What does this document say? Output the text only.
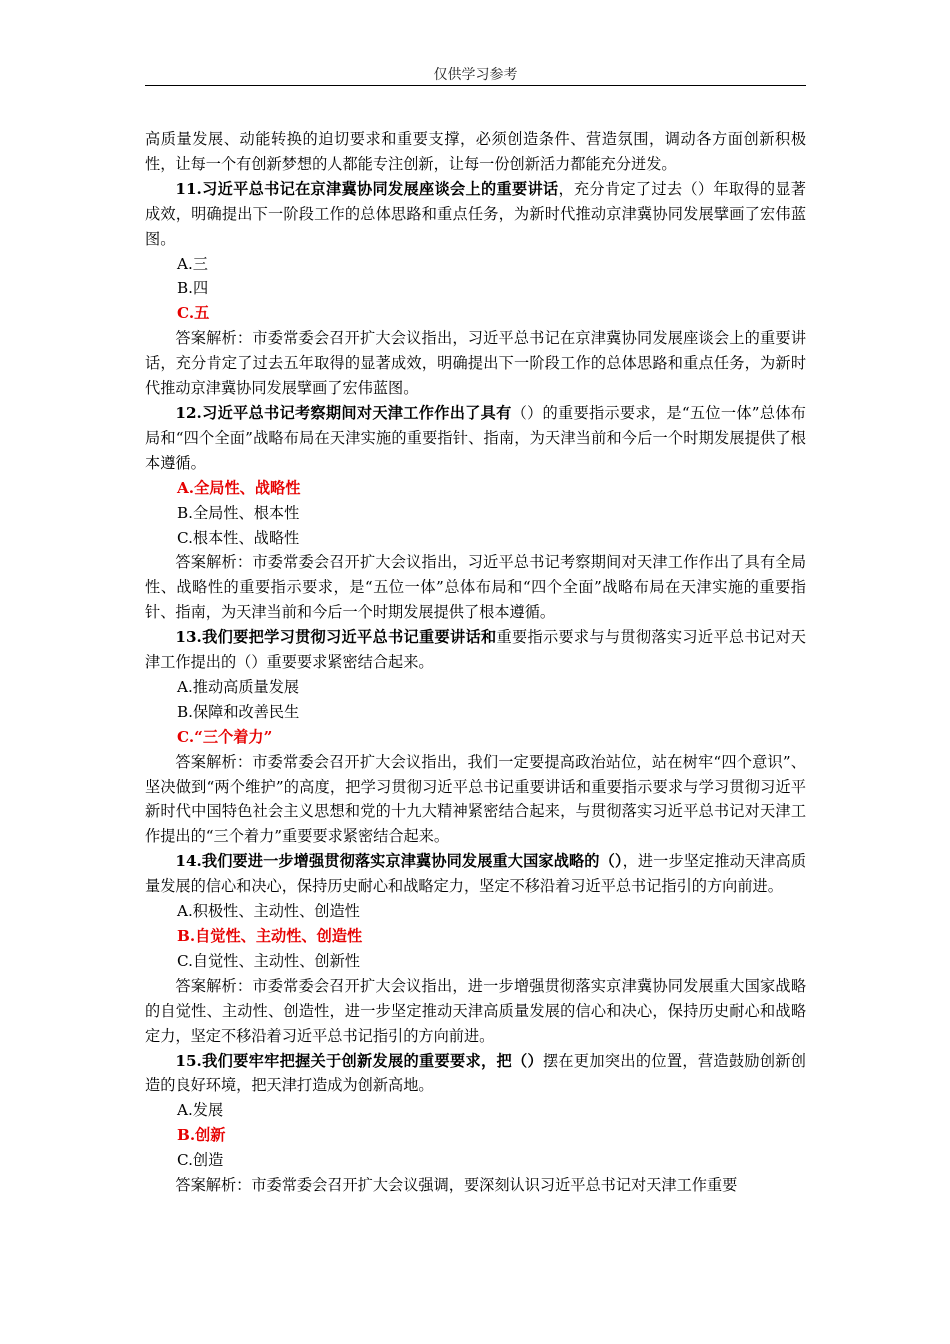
仅供学习参考

高质量发展、动能转换的迫切要求和重要支撑，必须创造条件、营造氛围，调动各方面创新积极性，让每一个有创新梦想的人都能专注创新，让每一份创新活力都能充分迸发。

11.习近平总书记在京津冀协同发展座谈会上的重要讲话，充分肯定了过去（）年取得的显著成效，明确提出下一阶段工作的总体思路和重点任务，为新时代推动京津冀协同发展擘画了宏伟蓝图。

A.三

B.四

C.五

答案解析：市委常委会召开扩大会议指出，习近平总书记在京津冀协同发展座谈会上的重要讲话，充分肯定了过去五年取得的显著成效，明确提出下一阶段工作的总体思路和重点任务，为新时代推动京津冀协同发展擘画了宏伟蓝图。

12.习近平总书记考察期间对天津工作作出了具有（）的重要指示要求，是“五位一体”总体布局和“四个全面”战略布局在天津实施的重要指针、指南，为天津当前和今后一个时期发展提供了根本遵循。

A.全局性、战略性

B.全局性、根本性

C.根本性、战略性

答案解析：市委常委会召开扩大会议指出，习近平总书记考察期间对天津工作作出了具有全局性、战略性的重要指示要求，是“五位一体”总体布局和“四个全面”战略布局在天津实施的重要指针、指南，为天津当前和今后一个时期发展提供了根本遵循。

13.我们要把学习贯彻习近平总书记重要讲话和重要指示要求与与贯彻落实习近平总书记对天津工作提出的（）重要要求紧密结合起来。

A.推动高质量发展

B.保障和改善民生

C.“三个着力”

答案解析：市委常委会召开扩大会议指出，我们一定要提高政治站位，站在树牢“四个意识”、坚决做到“两个维护”的高度，把学习贯彻习近平总书记重要讲话和重要指示要求与学习贯彻习近平新时代中国特色社会主义思想和党的十九大精神紧密结合起来，与贯彻落实习近平总书记对天津工作提出的“三个着力”重要要求紧密结合起来。

14.我们要进一步增强贯彻落实京津冀协同发展重大国家战略的（），进一步坚定推动天津高质量发展的信心和决心，保持历史耐心和战略定力，坚定不移沿着习近平总书记指引的方向前进。

A.积极性、主动性、创造性

B.自觉性、主动性、创造性

C.自觉性、主动性、创新性

答案解析：市委常委会召开扩大会议指出，进一步增强贯彻落实京津冀协同发展重大国家战略的自觉性、主动性、创造性，进一步坚定推动天津高质量发展的信心和决心，保持历史耐心和战略定力，坚定不移沿着习近平总书记指引的方向前进。

15.我们要牢牢把握关于创新发展的重要要求，把（）摆在更加突出的位置，营造鼓励创新创造的良好环境，把天津打造成为创新高地。

A.发展

B.创新

C.创造

答案解析：市委常委会召开扩大会议强调，要深刻认识习近平总书记对天津工作重要
